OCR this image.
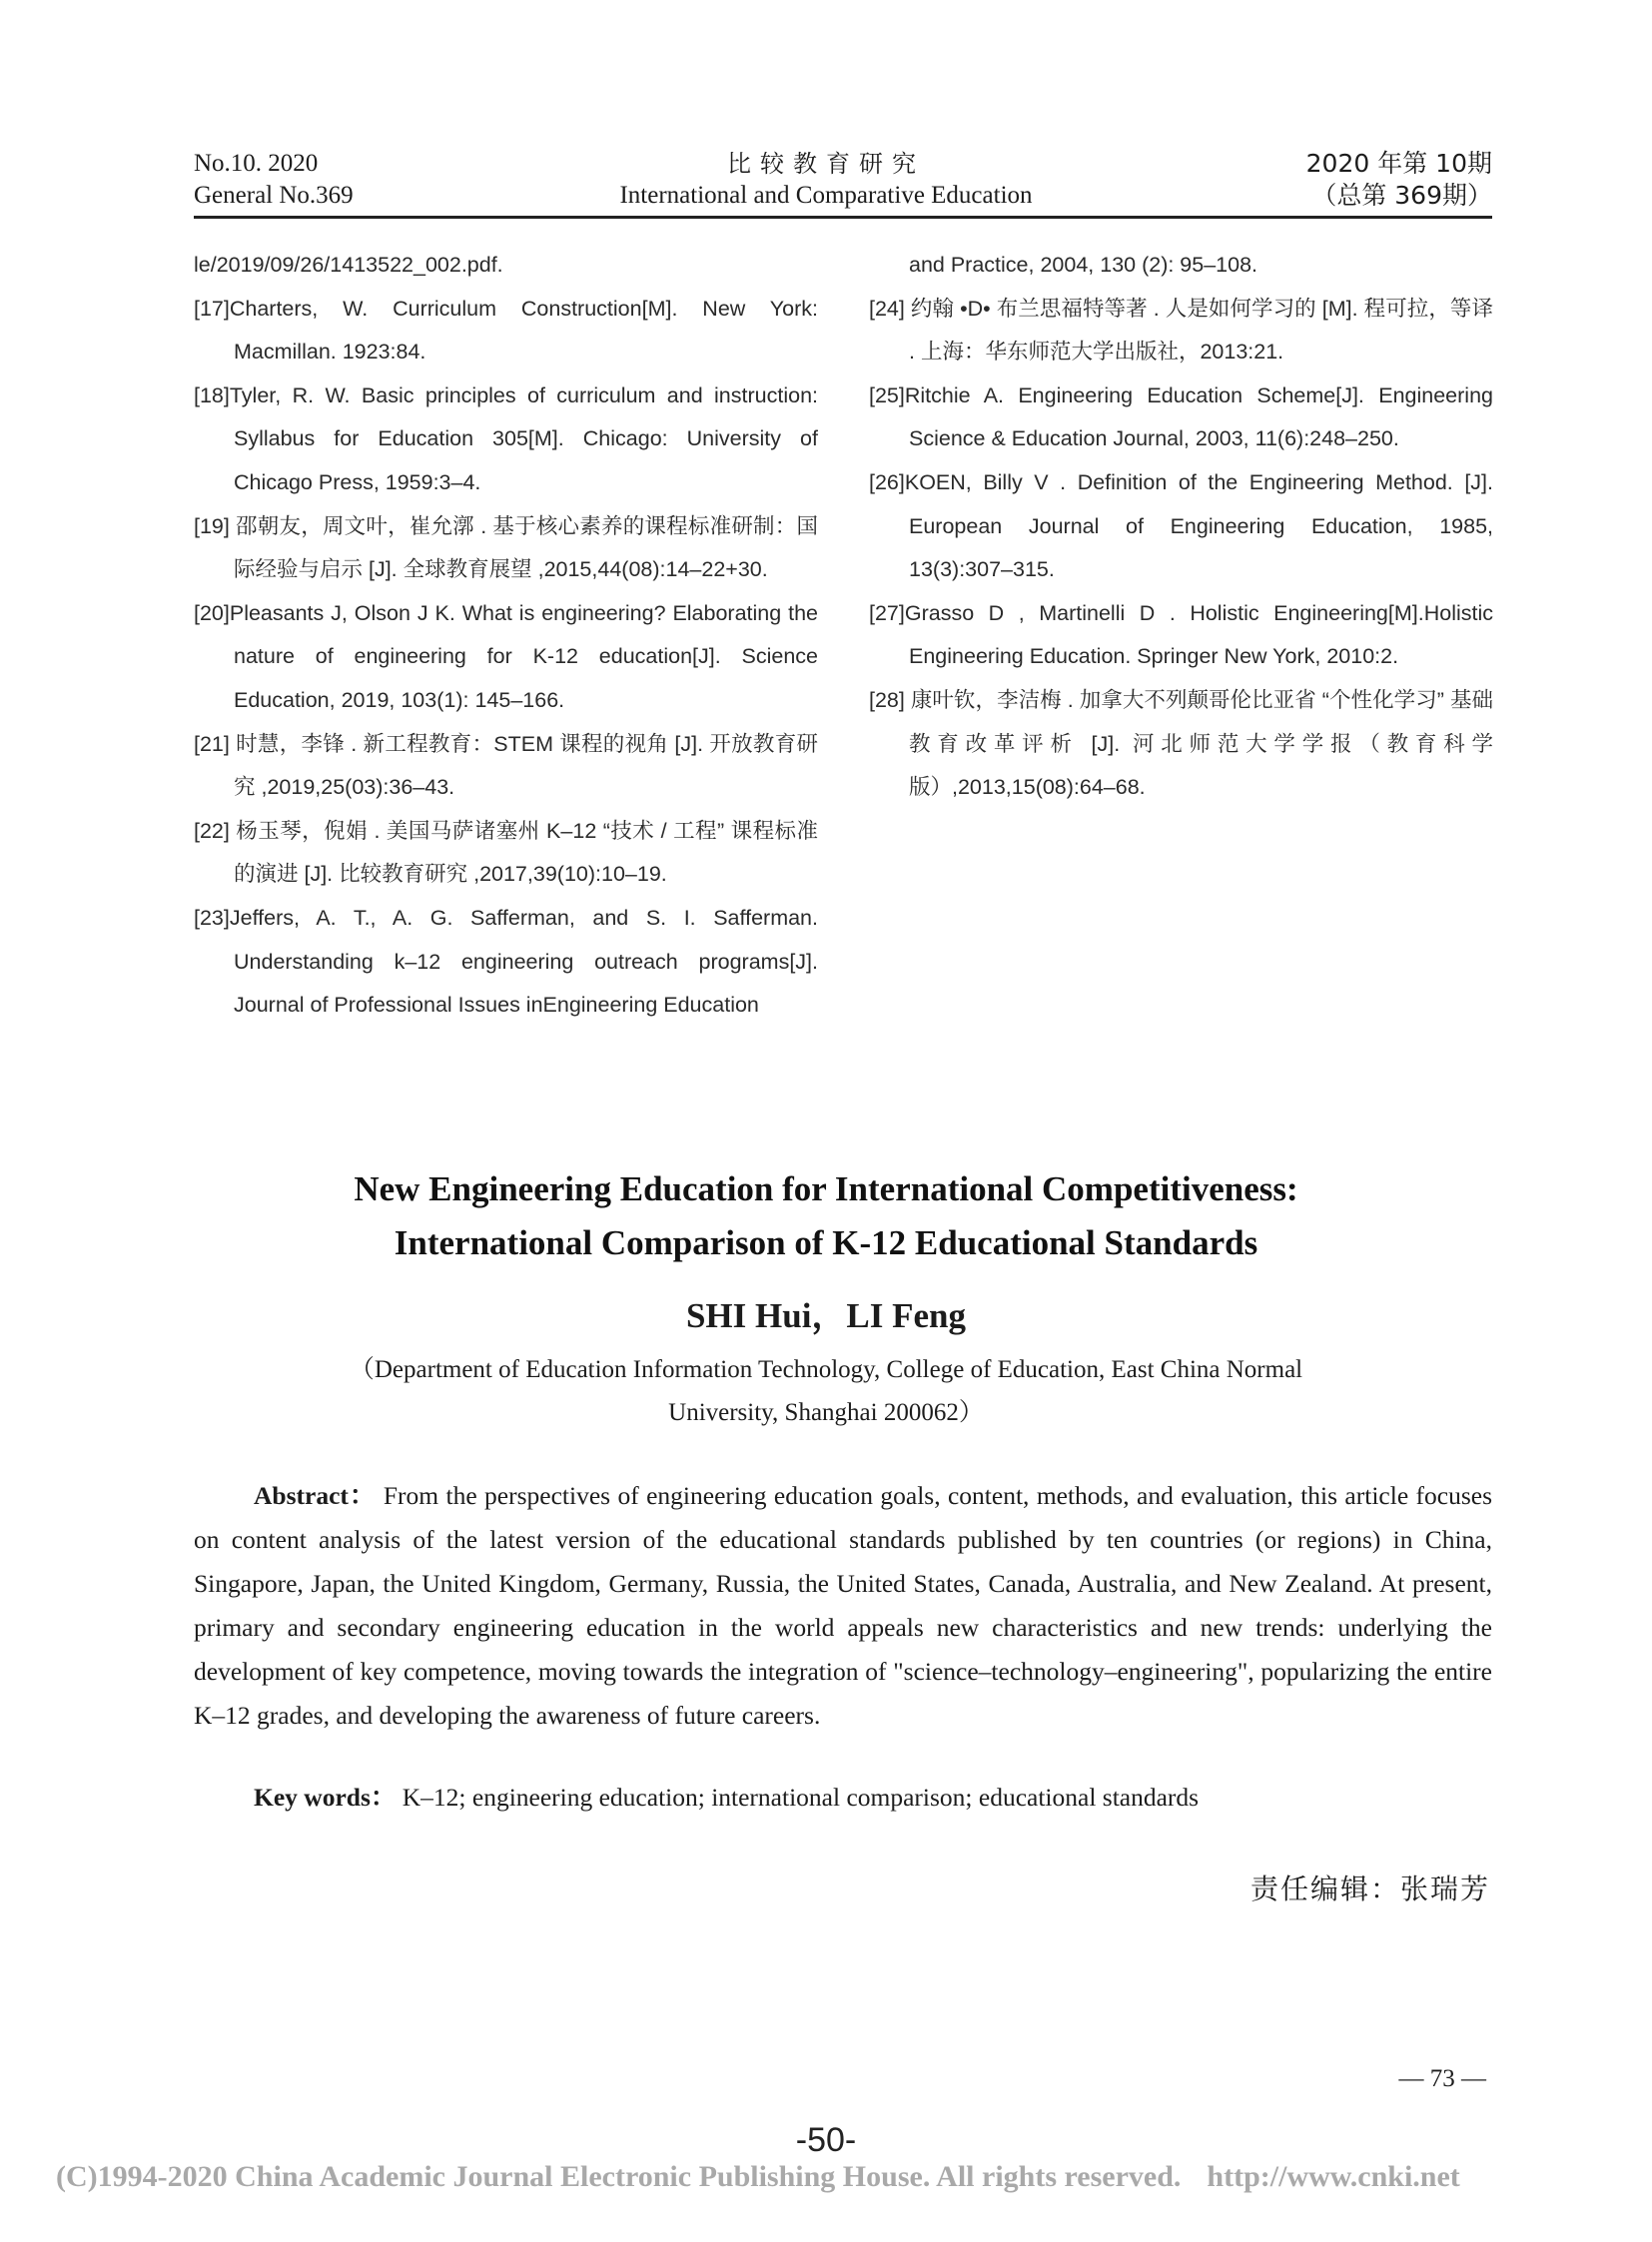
No.10. 2020
General No.369
比较教育研究
International and Comparative Education
2020 年第 10期
（总第 369期）
le/2019/09/26/1413522_002.pdf.
[17]Charters, W. Curriculum Construction[M]. New York: Macmillan. 1923:84.
[18]Tyler, R. W. Basic principles of curriculum and instruction: Syllabus for Education 305[M]. Chicago: University of Chicago Press, 1959:3–4.
[19] 邵朝友，周文叶，崔允漷 . 基于核心素养的课程标准研制：国际经验与启示 [J]. 全球教育展望 ,2015,44(08):14–22+30.
[20]Pleasants J, Olson J K. What is engineering? Elaborating the nature of engineering for K-12 education[J]. Science Education, 2019, 103(1): 145–166.
[21] 时慧，李锋 . 新工程教育：STEM 课程的视角 [J]. 开放教育研究 ,2019,25(03):36–43.
[22] 杨玉琴，倪娟 . 美国马萨诸塞州 K–12 “技术 / 工程” 课程标准的演进 [J]. 比较教育研究 ,2017,39(10):10–19.
[23]Jeffers, A. T., A. G. Safferman, and S. I. Safferman. Understanding k–12 engineering outreach programs[J]. Journal of Professional Issues inEngineering Education
and Practice, 2004, 130 (2): 95–108.
[24] 约翰 •D• 布兰思福特等著 . 人是如何学习的 [M]. 程可拉，等译 . 上海：华东师范大学出版社，2013:21.
[25]Ritchie A. Engineering Education Scheme[J]. Engineering Science & Education Journal, 2003, 11(6):248–250.
[26]KOEN, Billy V . Definition of the Engineering Method. [J]. European Journal of Engineering Education, 1985, 13(3):307–315.
[27]Grasso D , Martinelli D . Holistic Engineering[M].Holistic Engineering Education. Springer New York, 2010:2.
[28] 康叶钦，李洁梅 . 加拿大不列颠哥伦比亚省 “个性化学习” 基础教育改革评析 [J]. 河北师范大学学报（教育科学版）,2013,15(08):64–68.
New Engineering Education for International Competitiveness:
International Comparison of K-12 Educational Standards
SHI Hui，LI Feng
（Department of Education Information Technology, College of Education, East China Normal
University, Shanghai 200062）
Abstract： From the perspectives of engineering education goals, content, methods, and evaluation, this article focuses on content analysis of the latest version of the educational standards published by ten countries (or regions) in China, Singapore, Japan, the United Kingdom, Germany, Russia, the United States, Canada, Australia, and New Zealand. At present, primary and secondary engineering education in the world appeals new characteristics and new trends: underlying the development of key competence, moving towards the integration of "science–technology–engineering", popularizing the entire K–12 grades, and developing the awareness of future careers.
Key words： K–12; engineering education; international comparison; educational standards
责任编辑：张瑞芳
— 73 —
-50-
(C)1994-2020 China Academic Journal Electronic Publishing House. All rights reserved. http://www.cnki.net
